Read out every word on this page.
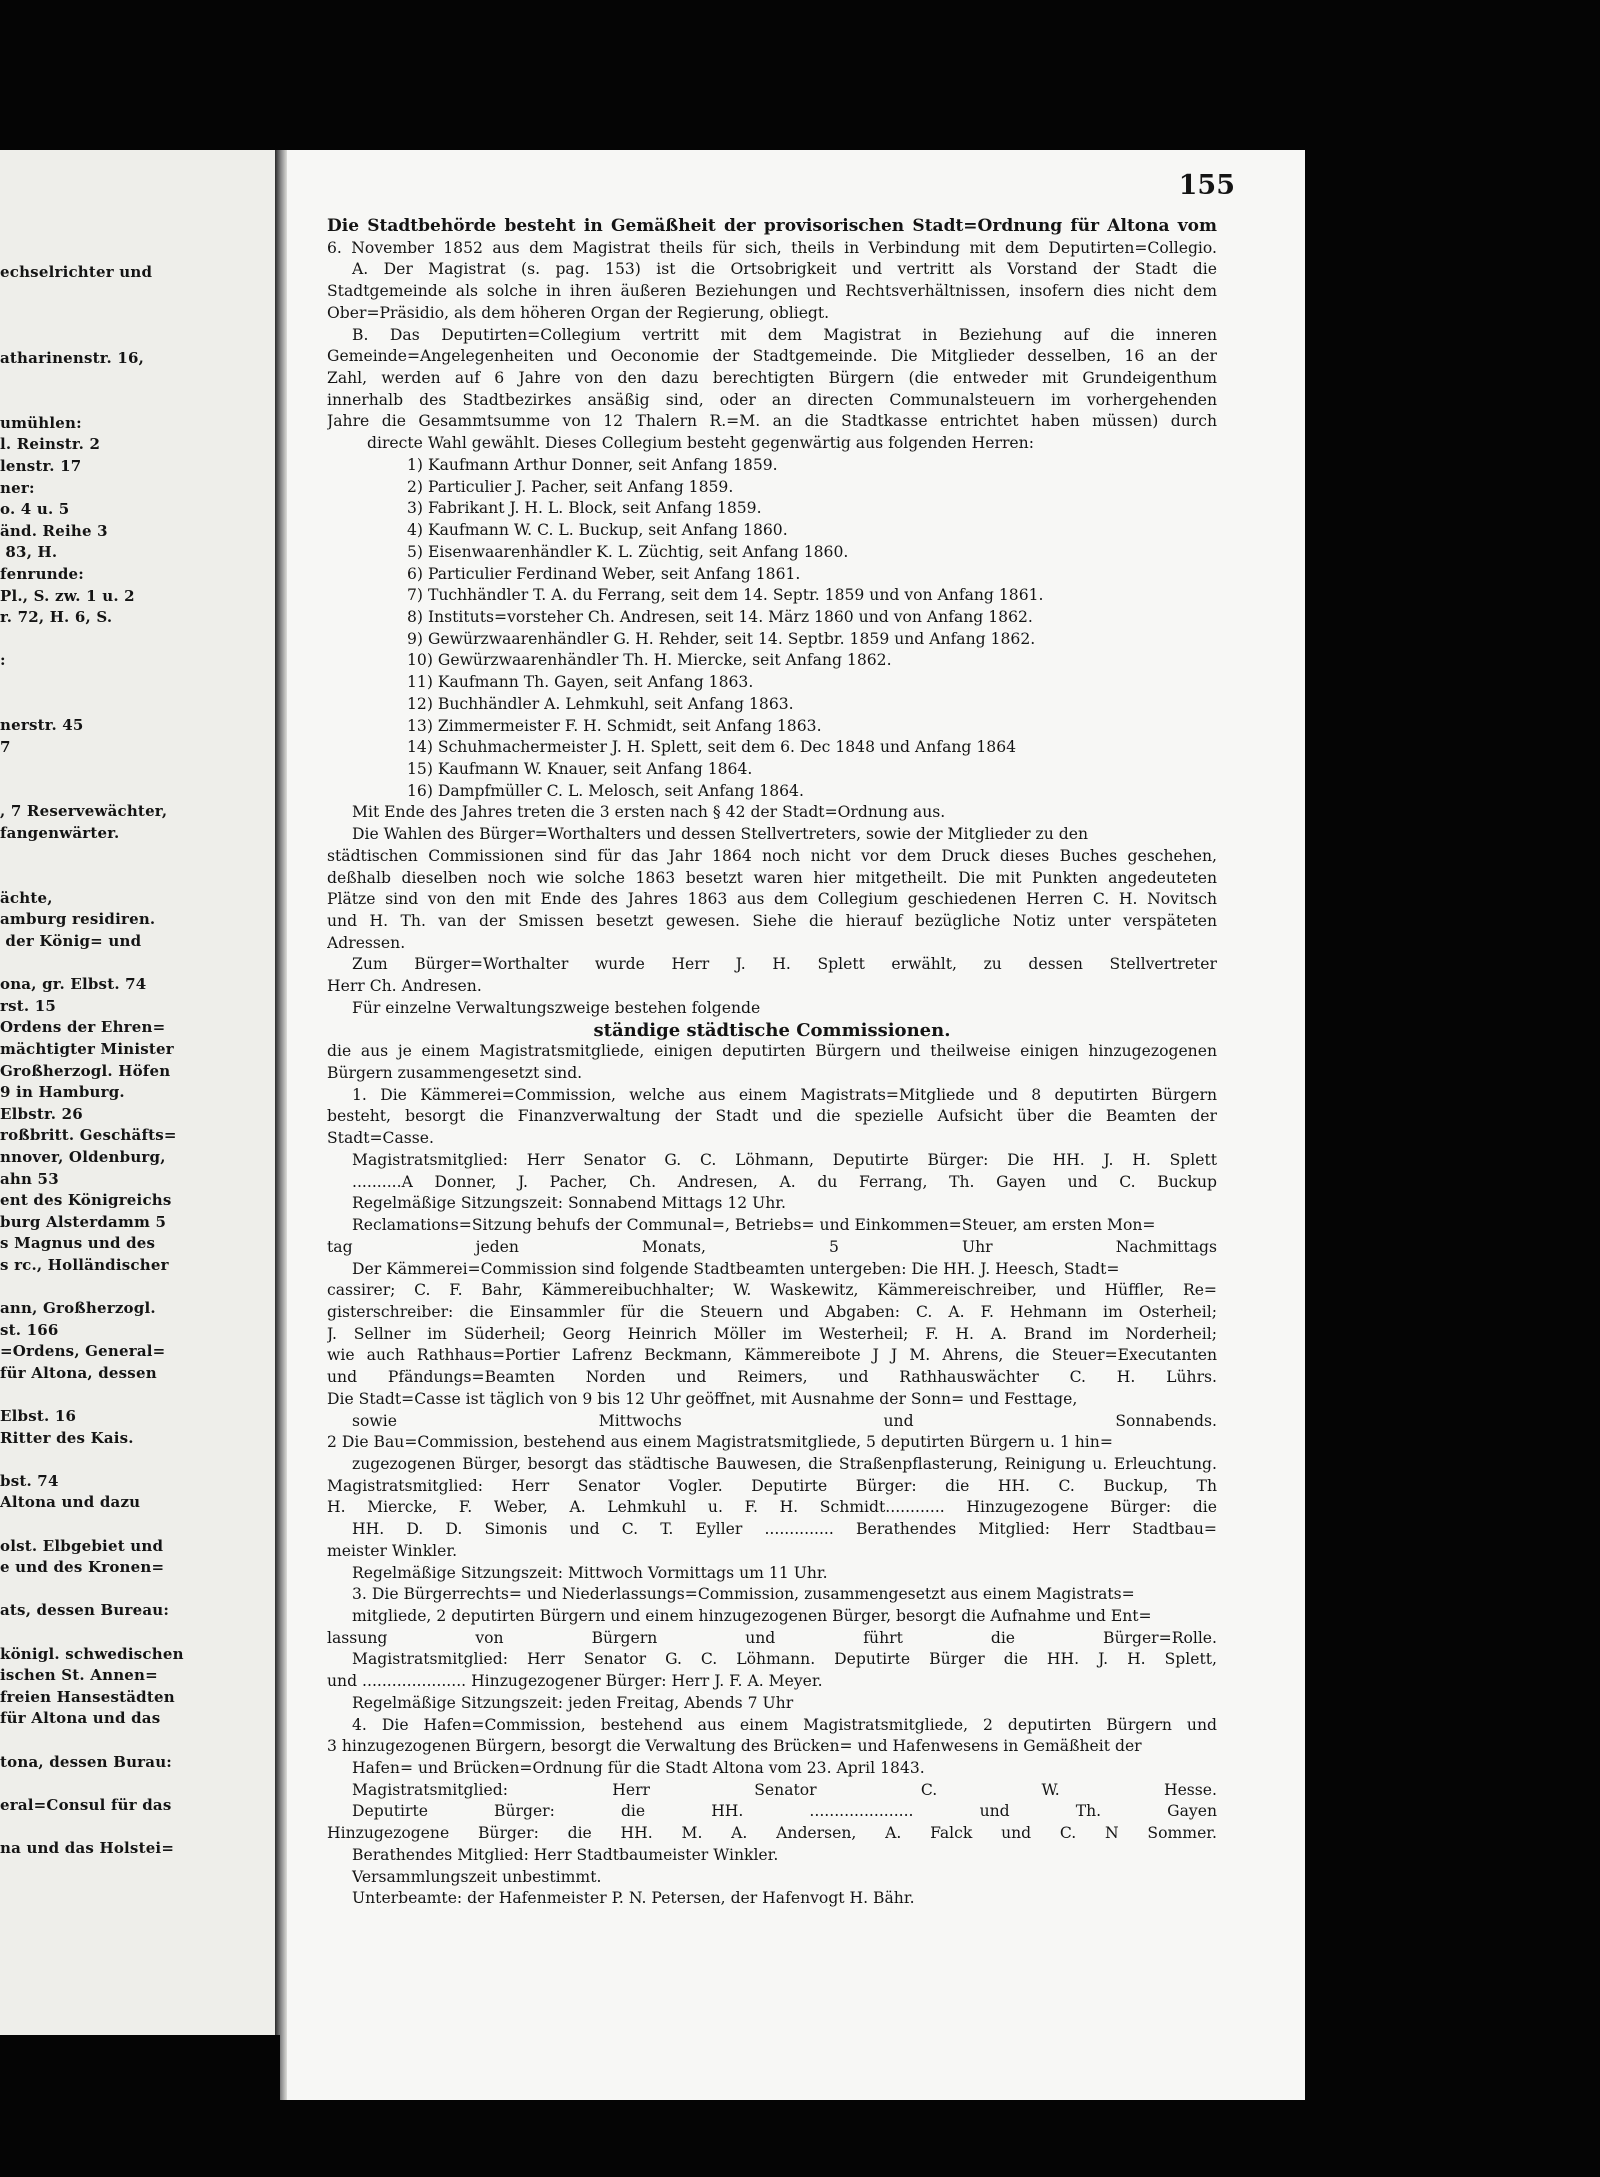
echselrichter und
atharinenstr. 16,
umühlen:
l. Reinstr. 2
lenstr. 17
ner:
o. 4 u. 5
änd. Reihe 3
83, H.
fenrunde:
Pl., S. zw. 1 u. 2
r. 72, H. 6, S.
:
nerstr. 45
7
, 7 Reservewächter,
fangenwärter.
ächte,
amburg residiren.
der König= und
ona, gr. Elbst. 74
rst. 15
Ordens der Ehren=
mächtigter Minister
Großherzogl. Höfen
9 in Hamburg.
Elbstr. 26
roßbritt. Geschäfts=
nnover, Oldenburg,
ahn 53
ent des Königreichs
burg Alsterdamm 5
s Magnus und des
s rc., Holländischer
ann, Großherzogl.
st. 166
=Ordens, General=
für Altona, dessen
Elbst. 16
Ritter des Kais.
bst. 74
Altona und dazu
olst. Elbgebiet und
e und des Kronen=
ats, dessen Bureau:
königl. schwedischen
ischen St. Annen=
freien Hansestädten
für Altona und das
tona, dessen Burau:
eral=Consul für das
na und das Holstei=

155

Die Stadtbehörde besteht in Gemäßheit der provisorischen Stadt=Ordnung für Altona vom
6. November 1852 aus dem Magistrat theils für sich, theils in Verbindung mit dem Deputirten=Collegio.
A. Der Magistrat (s. pag. 153) ist die Ortsobrigkeit und vertritt als Vorstand der Stadt die
Stadtgemeinde als solche in ihren äußeren Beziehungen und Rechtsverhältnissen, insofern dies nicht dem
Ober=Präsidio, als dem höheren Organ der Regierung, obliegt.
B. Das Deputirten=Collegium vertritt mit dem Magistrat in Beziehung auf die inneren
Gemeinde=Angelegenheiten und Oeconomie der Stadtgemeinde. Die Mitglieder desselben, 16 an der
Zahl, werden auf 6 Jahre von den dazu berechtigten Bürgern (die entweder mit Grundeigenthum
innerhalb des Stadtbezirkes ansäßig sind, oder an directen Communalsteuern im vorhergehenden
Jahre die Gesammtsumme von 12 Thalern R.=M. an die Stadtkasse entrichtet haben müssen) durch
directe Wahl gewählt. Dieses Collegium besteht gegenwärtig aus folgenden Herren:
1) Kaufmann Arthur Donner, seit Anfang 1859.
2) Particulier J. Pacher, seit Anfang 1859.
3) Fabrikant J. H. L. Block, seit Anfang 1859.
4) Kaufmann W. C. L. Buckup, seit Anfang 1860.
5) Eisenwaarenhändler K. L. Züchtig, seit Anfang 1860.
6) Particulier Ferdinand Weber, seit Anfang 1861.
7) Tuchhändler T. A. du Ferrang, seit dem 14. Septr. 1859 und von Anfang 1861.
8) Instituts=vorsteher Ch. Andresen, seit 14. März 1860 und von Anfang 1862.
9) Gewürzwaarenhändler G. H. Rehder, seit 14. Septbr. 1859 und Anfang 1862.
10) Gewürzwaarenhändler Th. H. Miercke, seit Anfang 1862.
11) Kaufmann Th. Gayen, seit Anfang 1863.
12) Buchhändler A. Lehmkuhl, seit Anfang 1863.
13) Zimmermeister F. H. Schmidt, seit Anfang 1863.
14) Schuhmachermeister J. H. Splett, seit dem 6. Dec 1848 und Anfang 1864
15) Kaufmann W. Knauer, seit Anfang 1864.
16) Dampfmüller C. L. Melosch, seit Anfang 1864.
Mit Ende des Jahres treten die 3 ersten nach § 42 der Stadt=Ordnung aus.
Die Wahlen des Bürger=Worthalters und dessen Stellvertreters, sowie der Mitglieder zu den
städtischen Commissionen sind für das Jahr 1864 noch nicht vor dem Druck dieses Buches geschehen,
deßhalb dieselben noch wie solche 1863 besetzt waren hier mitgetheilt. Die mit Punkten angedeuteten
Plätze sind von den mit Ende des Jahres 1863 aus dem Collegium geschiedenen Herren C. H. Novitsch
und H. Th. van der Smissen besetzt gewesen. Siehe die hierauf bezügliche Notiz unter verspäteten
Adressen.
Zum Bürger=Worthalter wurde Herr J. H. Splett erwählt, zu dessen Stellvertreter
Herr Ch. Andresen.
Für einzelne Verwaltungszweige bestehen folgende
ständige städtische Commissionen.
die aus je einem Magistratsmitgliede, einigen deputirten Bürgern und theilweise einigen hinzugezogenen
Bürgern zusammengesetzt sind.
1. Die Kämmerei=Commission, welche aus einem Magistrats=Mitgliede und 8 deputirten Bürgern
besteht, besorgt die Finanzverwaltung der Stadt und die spezielle Aufsicht über die Beamten der
Stadt=Casse.
Magistratsmitglied: Herr Senator G. C. Löhmann, Deputirte Bürger: Die HH. J. H. Splett
..........A Donner, J. Pacher, Ch. Andresen, A. du Ferrang, Th. Gayen und C. Buckup
Regelmäßige Sitzungszeit: Sonnabend Mittags 12 Uhr.
Reclamations=Sitzung behufs der Communal=, Betriebs= und Einkommen=Steuer, am ersten Mon=
tag jeden Monats, 5 Uhr Nachmittags
Der Kämmerei=Commission sind folgende Stadtbeamten untergeben: Die HH. J. Heesch, Stadt=
cassirer; C. F. Bahr, Kämmereibuchhalter; W. Waskewitz, Kämmereischreiber, und Hüffler, Re=
gisterschreiber: die Einsammler für die Steuern und Abgaben: C. A. F. Hehmann im Osterheil;
J. Sellner im Süderheil; Georg Heinrich Möller im Westerheil; F. H. A. Brand im Norderheil;
wie auch Rathhaus=Portier Lafrenz Beckmann, Kämmereibote J J M. Ahrens, die Steuer=Executanten
und Pfändungs=Beamten Norden und Reimers, und Rathhauswächter C. H. Lührs.
Die Stadt=Casse ist täglich von 9 bis 12 Uhr geöffnet, mit Ausnahme der Sonn= und Festtage,
sowie Mittwochs und Sonnabends.
2 Die Bau=Commission, bestehend aus einem Magistratsmitgliede, 5 deputirten Bürgern u. 1 hin=
zugezogenen Bürger, besorgt das städtische Bauwesen, die Straßenpflasterung, Reinigung u. Erleuchtung.
Magistratsmitglied: Herr Senator Vogler. Deputirte Bürger: die HH. C. Buckup, Th
H. Miercke, F. Weber, A. Lehmkuhl u. F. H. Schmidt............ Hinzugezogene Bürger: die
HH. D. D. Simonis und C. T. Eyller .............. Berathendes Mitglied: Herr Stadtbau=
meister Winkler.
Regelmäßige Sitzungszeit: Mittwoch Vormittags um 11 Uhr.
3. Die Bürgerrechts= und Niederlassungs=Commission, zusammengesetzt aus einem Magistrats=
mitgliede, 2 deputirten Bürgern und einem hinzugezogenen Bürger, besorgt die Aufnahme und Ent=
lassung von Bürgern und führt die Bürger=Rolle.
Magistratsmitglied: Herr Senator G. C. Löhmann. Deputirte Bürger die HH. J. H. Splett,
und ..................... Hinzugezogener Bürger: Herr J. F. A. Meyer.
Regelmäßige Sitzungszeit: jeden Freitag, Abends 7 Uhr
4. Die Hafen=Commission, bestehend aus einem Magistratsmitgliede, 2 deputirten Bürgern und
3 hinzugezogenen Bürgern, besorgt die Verwaltung des Brücken= und Hafenwesens in Gemäßheit der
Hafen= und Brücken=Ordnung für die Stadt Altona vom 23. April 1843.
Magistratsmitglied: Herr Senator C. W. Hesse.
Deputirte Bürger: die HH. ..................... und Th. Gayen
Hinzugezogene Bürger: die HH. M. A. Andersen, A. Falck und C. N Sommer.
Berathendes Mitglied: Herr Stadtbaumeister Winkler.
Versammlungszeit unbestimmt.
Unterbeamte: der Hafenmeister P. N. Petersen, der Hafenvogt H. Bähr.
